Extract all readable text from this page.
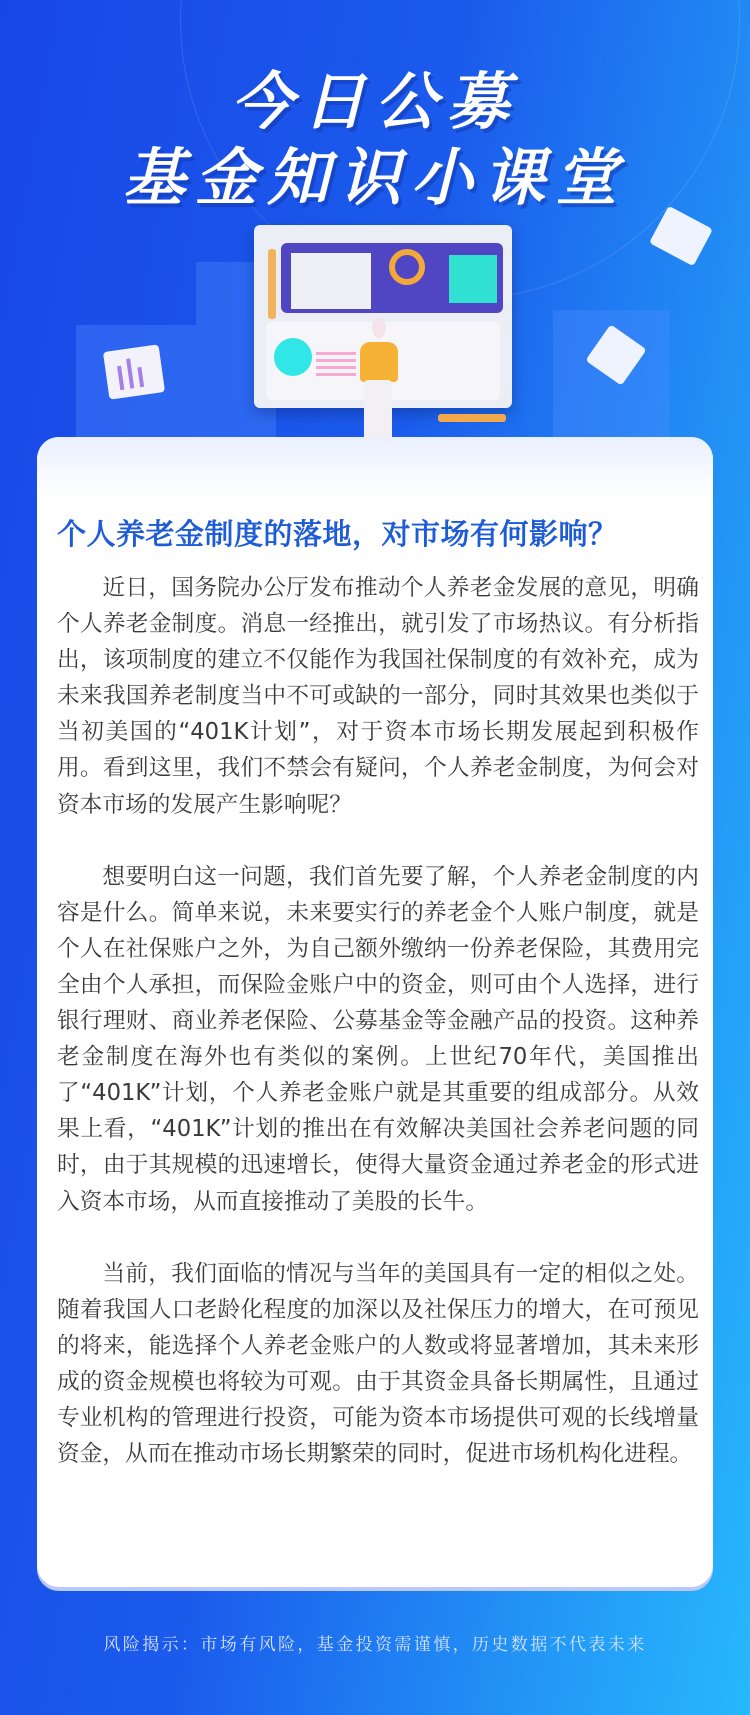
今日公募
基金知识小课堂
个人养老金制度的落地，对市场有何影响？

近日，国务院办公厅发布推动个人养老金发展的意见，明确个人养老金制度。消息一经推出，就引发了市场热议。有分析指出，该项制度的建立不仅能作为我国社保制度的有效补充，成为未来我国养老制度当中不可或缺的一部分，同时其效果也类似于当初美国的“401K计划”，对于资本市场长期发展起到积极作用。看到这里，我们不禁会有疑问，个人养老金制度，为何会对资本市场的发展产生影响呢？

想要明白这一问题，我们首先要了解，个人养老金制度的内容是什么。简单来说，未来要实行的养老金个人账户制度，就是个人在社保账户之外，为自己额外缴纳一份养老保险，其费用完全由个人承担，而保险金账户中的资金，则可由个人选择，进行银行理财、商业养老保险、公募基金等金融产品的投资。这种养老金制度在海外也有类似的案例。上世纪70年代，美国推出了“401K”计划，个人养老金账户就是其重要的组成部分。从效果上看，“401K”计划的推出在有效解决美国社会养老问题的同时，由于其规模的迅速增长，使得大量资金通过养老金的形式进入资本市场，从而直接推动了美股的长牛。

当前，我们面临的情况与当年的美国具有一定的相似之处。随着我国人口老龄化程度的加深以及社保压力的增大，在可预见的将来，能选择个人养老金账户的人数或将显著增加，其未来形成的资金规模也将较为可观。由于其资金具备长期属性，且通过专业机构的管理进行投资，可能为资本市场提供可观的长线增量资金，从而在推动市场长期繁荣的同时，促进市场机构化进程。

风险揭示：市场有风险，基金投资需谨慎，历史数据不代表未来
